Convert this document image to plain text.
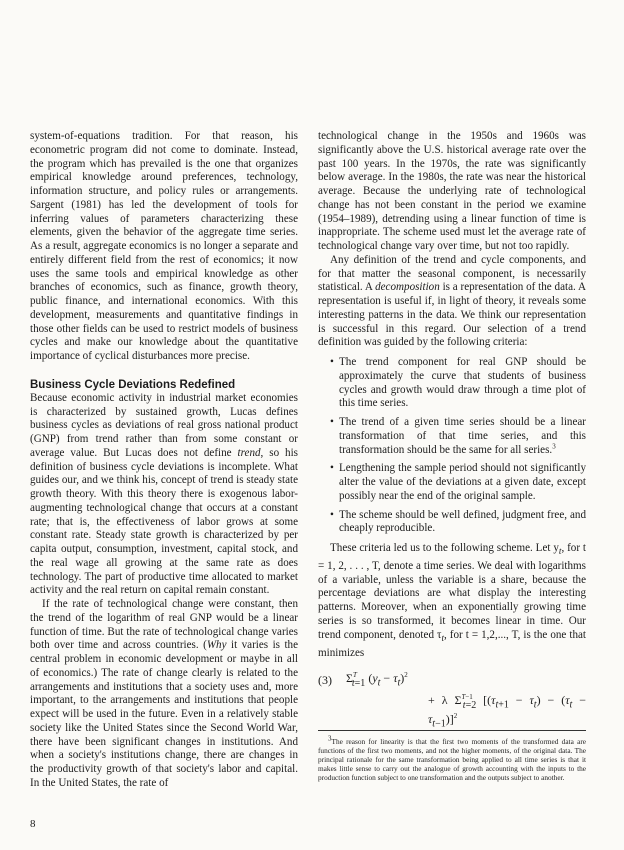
system-of-equations tradition. For that reason, his econometric program did not come to dominate. Instead, the program which has prevailed is the one that organizes empirical knowledge around preferences, technology, information structure, and policy rules or arrangements. Sargent (1981) has led the development of tools for inferring values of parameters characterizing these elements, given the behavior of the aggregate time series. As a result, aggregate economics is no longer a separate and entirely different field from the rest of economics; it now uses the same tools and empirical knowledge as other branches of economics, such as finance, growth theory, public finance, and international economics. With this development, measurements and quantitative findings in those other fields can be used to restrict models of business cycles and make our knowledge about the quantitative importance of cyclical disturbances more precise.

Business Cycle Deviations Redefined

Because economic activity in industrial market economies is characterized by sustained growth, Lucas defines business cycles as deviations of real gross national product (GNP) from trend rather than from some constant or average value. But Lucas does not define trend, so his definition of business cycle deviations is incomplete. What guides our, and we think his, concept of trend is steady state growth theory. With this theory there is exogenous labor-augmenting technological change that occurs at a constant rate; that is, the effectiveness of labor grows at some constant rate. Steady state growth is characterized by per capita output, consumption, investment, capital stock, and the real wage all growing at the same rate as does technology. The part of productive time allocated to market activity and the real return on capital remain constant.

If the rate of technological change were constant, then the trend of the logarithm of real GNP would be a linear function of time. But the rate of technological change varies both over time and across countries. (Why it varies is the central problem in economic development or maybe in all of economics.) The rate of change clearly is related to the arrangements and institutions that a society uses and, more important, to the arrangements and institutions that people expect will be used in the future. Even in a relatively stable society like the United States since the Second World War, there have been significant changes in institutions. And when a society's institutions change, there are changes in the productivity growth of that society's labor and capital. In the United States, the rate of

technological change in the 1950s and 1960s was significantly above the U.S. historical average rate over the past 100 years. In the 1970s, the rate was significantly below average. In the 1980s, the rate was near the historical average. Because the underlying rate of technological change has not been constant in the period we examine (1954–1989), detrending using a linear function of time is inappropriate. The scheme used must let the average rate of technological change vary over time, but not too rapidly.

Any definition of the trend and cycle components, and for that matter the seasonal component, is necessarily statistical. A decomposition is a representation of the data. A representation is useful if, in light of theory, it reveals some interesting patterns in the data. We think our representation is successful in this regard. Our selection of a trend definition was guided by the following criteria:

• The trend component for real GNP should be approximately the curve that students of business cycles and growth would draw through a time plot of this time series.
• The trend of a given time series should be a linear transformation of that time series, and this transformation should be the same for all series.$^3$
• Lengthening the sample period should not significantly alter the value of the deviations at a given date, except possibly near the end of the original sample.
• The scheme should be well defined, judgment free, and cheaply reproducible.

These criteria led us to the following scheme. Let $y_t$, for t = 1, 2, . . . , T, denote a time series. We deal with logarithms of a variable, unless the variable is a share, because the percentage deviations are what display the interesting patterns. Moreover, when an exponentially growing time series is so transformed, it becomes linear in time. Our trend component, denoted $\tau_t$, for t = 1,2,..., T, is the one that minimizes

(3) $\Sigma^T_{t=1}$ $(y_t - \tau_t)^2$
+ λ $\Sigma^{T-1}_{t=2}$ $[(\tau_{t+1} - \tau_t) - (\tau_t - \tau_{t-1})]^2$
$^3$The reason for linearity is that the first two moments of the transformed data are functions of the first two moments, and not the higher moments, of the original data. The principal rationale for the same transformation being applied to all time series is that it makes little sense to carry out the analogue of growth accounting with the inputs to the production function subject to one transformation and the outputs subject to another.
8
